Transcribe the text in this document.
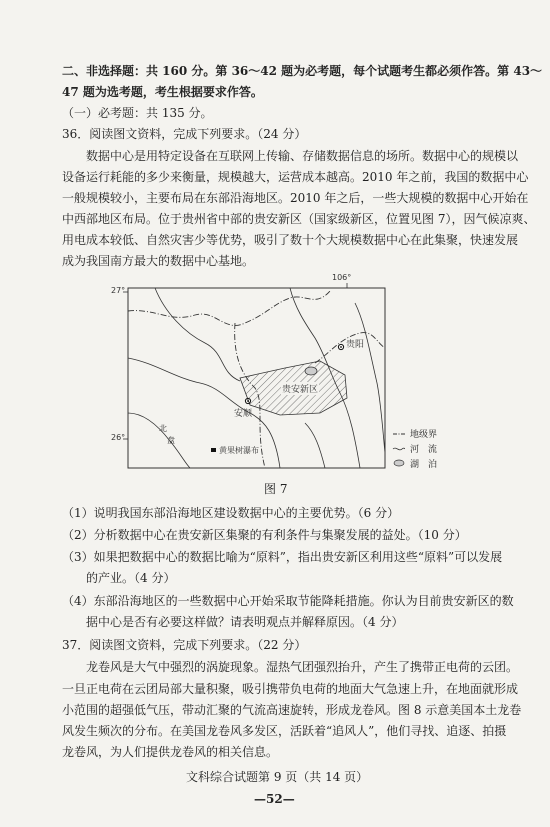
二、非选择题：共 160 分。第 36～42 题为必考题，每个试题考生都必须作答。第 43～
47 题为选考题，考生根据要求作答。
（一）必考题：共 135 分。
36．阅读图文资料，完成下列要求。（24 分）
数据中心是用特定设备在互联网上传输、存储数据信息的场所。数据中心的规模以
设备运行耗能的多少来衡量，规模越大，运营成本越高。2010 年之前，我国的数据中心
一般规模较小，主要布局在东部沿海地区。2010 年之后，一些大规模的数据中心开始在
中西部地区布局。位于贵州省中部的贵安新区（国家级新区，位置见图 7），因气候凉爽、
用电成本较低、自然灾害少等优势，吸引了数十个大规模数据中心在此集聚，快速发展
成为我国南方最大的数据中心基地。
106°
27°
26°
贵阳
安顺
贵安新区
北
盘
黄果树瀑布
地级界
河　流
湖　泊
图 7
（1）说明我国东部沿海地区建设数据中心的主要优势。（6 分）
（2）分析数据中心在贵安新区集聚的有利条件与集聚发展的益处。（10 分）
（3）如果把数据中心的数据比喻为“原料”，指出贵安新区利用这些“原料”可以发展
的产业。（4 分）
（4）东部沿海地区的一些数据中心开始采取节能降耗措施。你认为目前贵安新区的数
据中心是否有必要这样做？请表明观点并解释原因。（4 分）
37．阅读图文资料，完成下列要求。（22 分）
龙卷风是大气中强烈的涡旋现象。湿热气团强烈抬升，产生了携带正电荷的云团。
一旦正电荷在云团局部大量积聚，吸引携带负电荷的地面大气急速上升，在地面就形成
小范围的超强低气压，带动汇聚的气流高速旋转，形成龙卷风。图 8 示意美国本土龙卷
风发生频次的分布。在美国龙卷风多发区，活跃着“追风人”，他们寻找、追逐、拍摄
龙卷风，为人们提供龙卷风的相关信息。
文科综合试题第 9 页（共 14 页）
—52—
